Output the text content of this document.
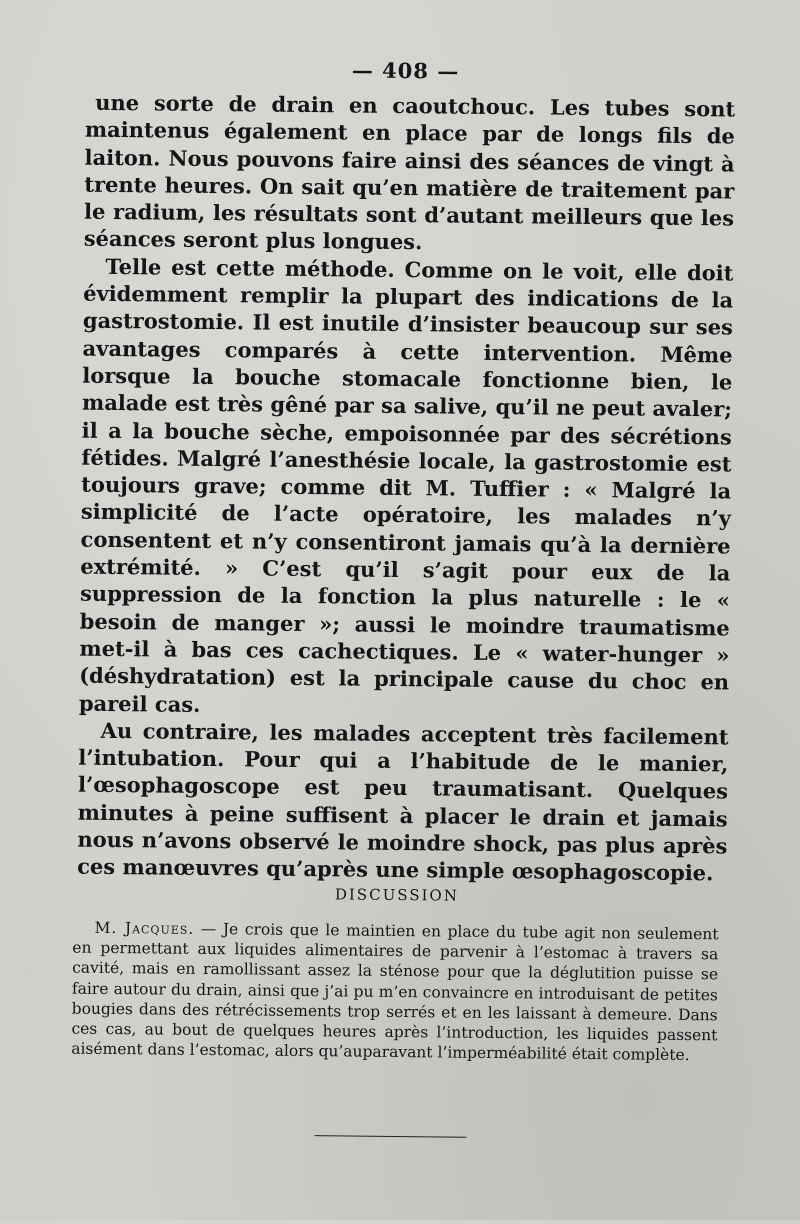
— 408 —

une sorte de drain en caoutchouc. Les tubes sont maintenus également en place par de longs fils de laiton. Nous pouvons faire ainsi des séances de vingt à trente heures. On sait qu’en matière de traitement par le radium, les résultats sont d’autant meilleurs que les séances seront plus longues.

Telle est cette méthode. Comme on le voit, elle doit évidemment remplir la plupart des indications de la gastrostomie. Il est inutile d’insister beaucoup sur ses avantages comparés à cette intervention. Même lorsque la bouche stomacale fonctionne bien, le malade est très gêné par sa salive, qu’il ne peut avaler; il a la bouche sèche, empoisonnée par des sécrétions fétides. Malgré l’anesthésie locale, la gastrostomie est toujours grave; comme dit M. Tuffier : « Malgré la simplicité de l’acte opératoire, les malades n’y consentent et n’y consentiront jamais qu’à la dernière extrémité. » C’est qu’il s’agit pour eux de la suppression de la fonction la plus naturelle : le « besoin de manger »; aussi le moindre traumatisme met-il à bas ces cachectiques. Le « water-hunger » (déshydratation) est la principale cause du choc en pareil cas.

Au contraire, les malades acceptent très facilement l’intubation. Pour qui a l’habitude de le manier, l’œsophagoscope est peu traumatisant. Quelques minutes à peine suffisent à placer le drain et jamais nous n’avons observé le moindre shock, pas plus après ces manœuvres qu’après une simple œsophagoscopie.

DISCUSSION

M. Jacques. — Je crois que le maintien en place du tube agit non seulement en permettant aux liquides alimentaires de parvenir à l’estomac à travers sa cavité, mais en ramollissant assez la sténose pour que la déglutition puisse se faire autour du drain, ainsi que j’ai pu m’en convaincre en introduisant de petites bougies dans des rétrécissements trop serrés et en les laissant à demeure. Dans ces cas, au bout de quelques heures après l’introduction, les liquides passent aisément dans l’estomac, alors qu’auparavant l’imperméabilité était complète.
